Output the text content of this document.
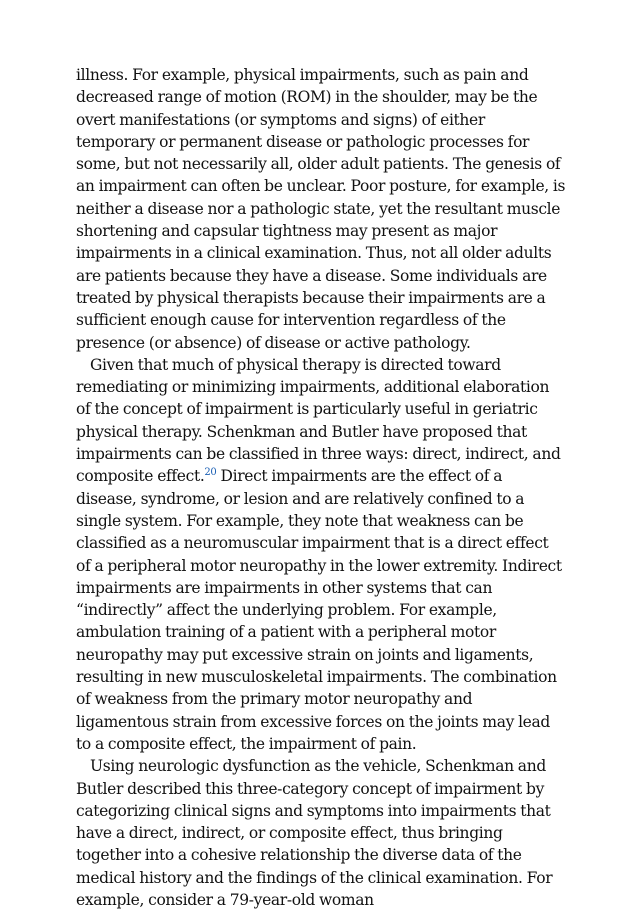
illness. For example, physical impairments, such as pain and decreased range of motion (ROM) in the shoulder, may be the overt manifestations (or symptoms and signs) of either temporary or permanent disease or pathologic processes for some, but not necessarily all, older adult patients. The genesis of an impairment can often be unclear. Poor posture, for example, is neither a disease nor a pathologic state, yet the resultant muscle shortening and capsular tightness may present as major impairments in a clinical examination. Thus, not all older adults are patients because they have a disease. Some individuals are treated by physical therapists because their impairments are a sufficient enough cause for intervention regardless of the presence (or absence) of disease or active pathology.

Given that much of physical therapy is directed toward remediating or minimizing impairments, additional elaboration of the concept of impairment is particularly useful in geriatric physical therapy. Schenkman and Butler have proposed that impairments can be classified in three ways: direct, indirect, and composite effect.$^{20}$ Direct impairments are the effect of a disease, syndrome, or lesion and are relatively confined to a single system. For example, they note that weakness can be classified as a neuromuscular impairment that is a direct effect of a peripheral motor neuropathy in the lower extremity. Indirect impairments are impairments in other systems that can “indirectly” affect the underlying problem. For example, ambulation training of a patient with a peripheral motor neuropathy may put excessive strain on joints and ligaments, resulting in new musculoskeletal impairments. The combination of weakness from the primary motor neuropathy and ligamentous strain from excessive forces on the joints may lead to a composite effect, the impairment of pain.

Using neurologic dysfunction as the vehicle, Schenkman and Butler described this three-category concept of impairment by categorizing clinical signs and symptoms into impairments that have a direct, indirect, or composite effect, thus bringing together into a cohesive relationship the diverse data of the medical history and the findings of the clinical examination. For example, consider a 79-year-old woman
